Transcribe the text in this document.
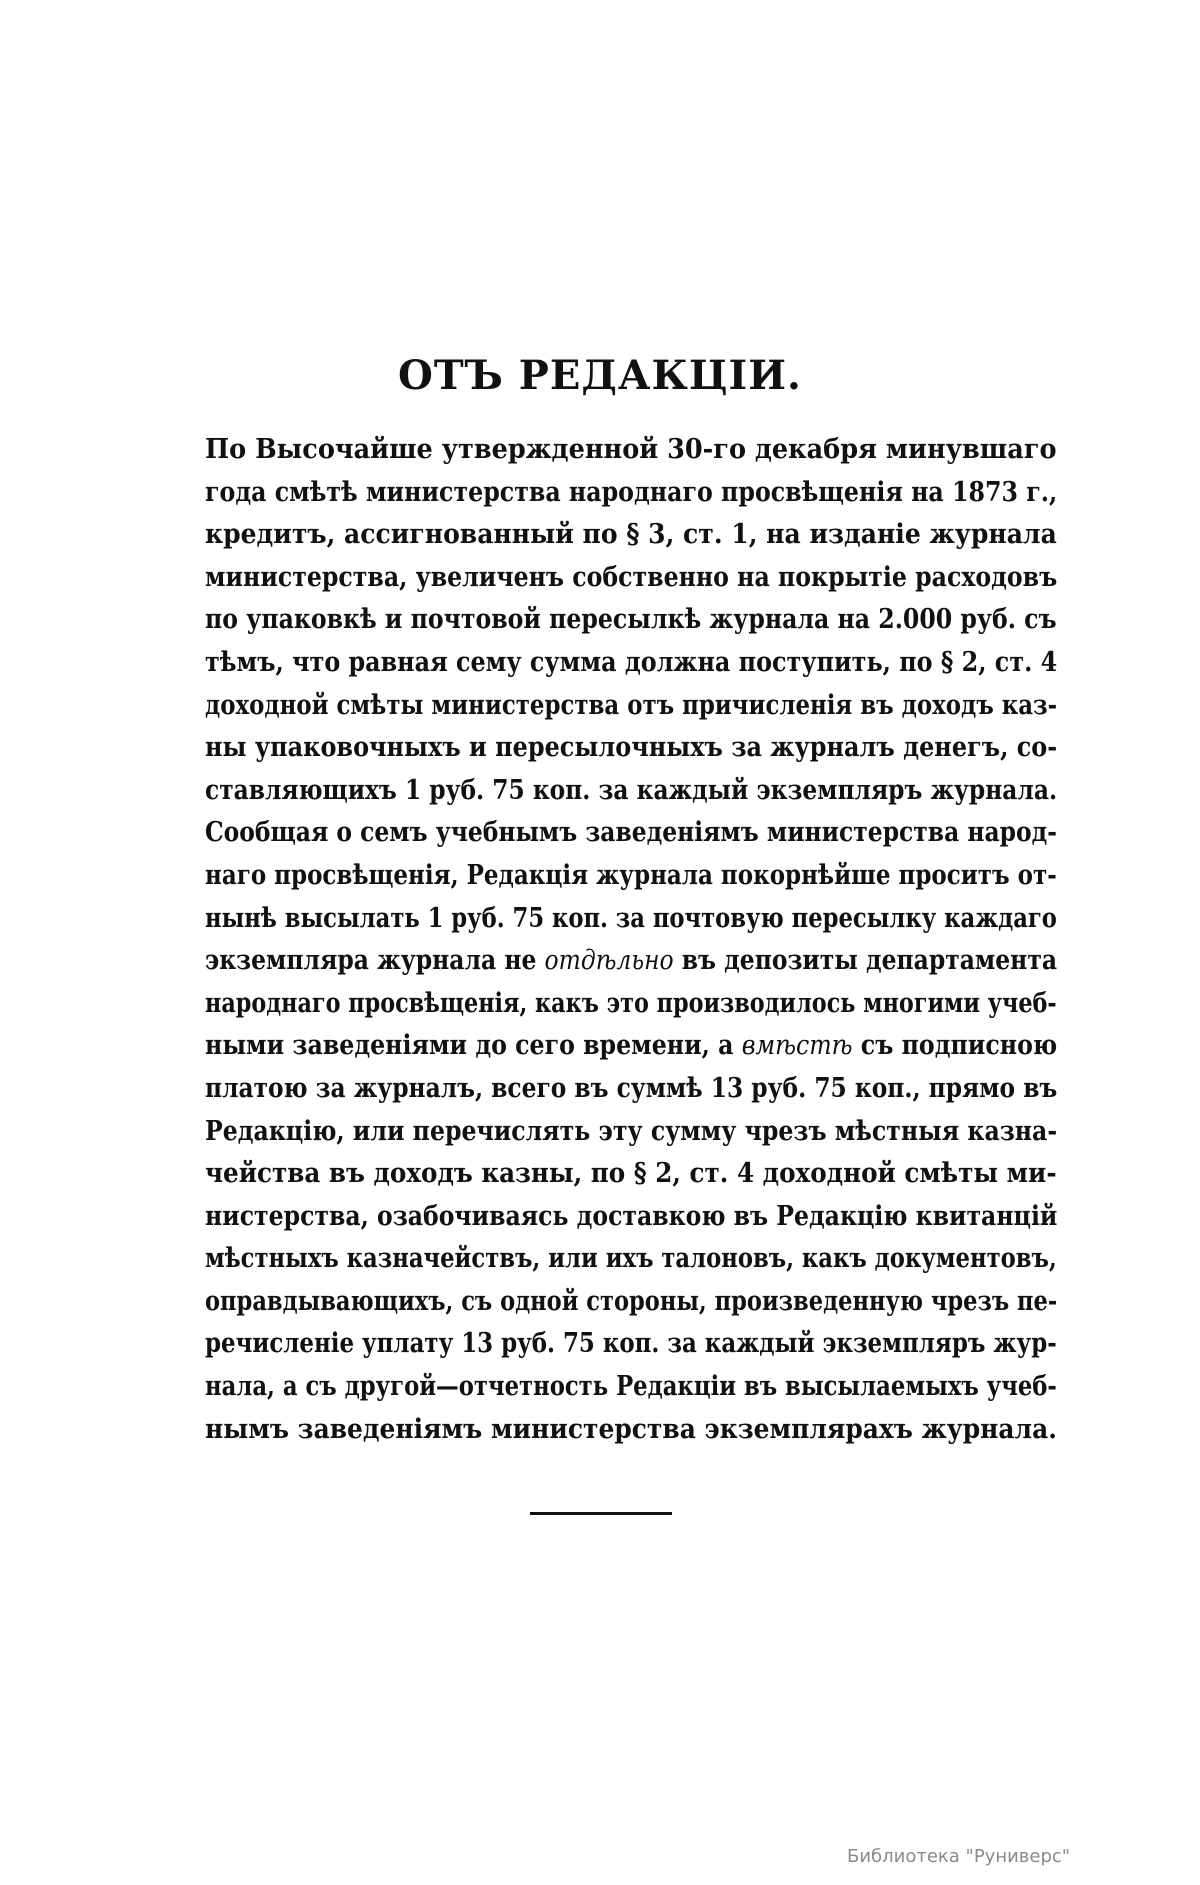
ОТЪ РЕДАКЦIИ.

По Высочайше утвержденной 30-го декабря минувшаго
года смѣтѣ министерства народнаго просвѣщенія на 1873 г.,
кредитъ, ассигнованный по § 3, ст. 1, на изданіе журнала
министерства, увеличенъ собственно на покрытіе расходовъ
по упаковкѣ и почтовой пересылкѣ журнала на 2.000 руб. съ
тѣмъ, что равная сему сумма должна поступить, по § 2, ст. 4
доходной смѣты министерства отъ причисленія въ доходъ каз-
ны упаковочныхъ и пересылочныхъ за журналъ денегъ, со-
ставляющихъ 1 руб. 75 коп. за каждый экземпляръ журнала.

Сообщая о семъ учебнымъ заведеніямъ министерства народ-
наго просвѣщенія, Редакція журнала покорнѣйше проситъ от-
нынѣ высылать 1 руб. 75 коп. за почтовую пересылку каждаго
экземпляра журнала не отдѣльно въ депозиты департамента
народнаго просвѣщенія, какъ это производилось многими учеб-
ными заведеніями до сего времени, а вмѣстѣ съ подписною
платою за журналъ, всего въ суммѣ 13 руб. 75 коп., прямо въ
Редакцію, или перечислять эту сумму чрезъ мѣстныя казна-
чейства въ доходъ казны, по § 2, ст. 4 доходной смѣты ми-
нистерства, озабочиваясь доставкою въ Редакцію квитанцій
мѣстныхъ казначействъ, или ихъ талоновъ, какъ документовъ,
оправдывающихъ, съ одной стороны, произведенную чрезъ пе-
речисленіе уплату 13 руб. 75 коп. за каждый экземпляръ жур-
нала, а съ другой—отчетность Редакціи въ высылаемыхъ учеб-
нымъ заведеніямъ министерства экземплярахъ журнала.

Библиотека "Руниверс"
